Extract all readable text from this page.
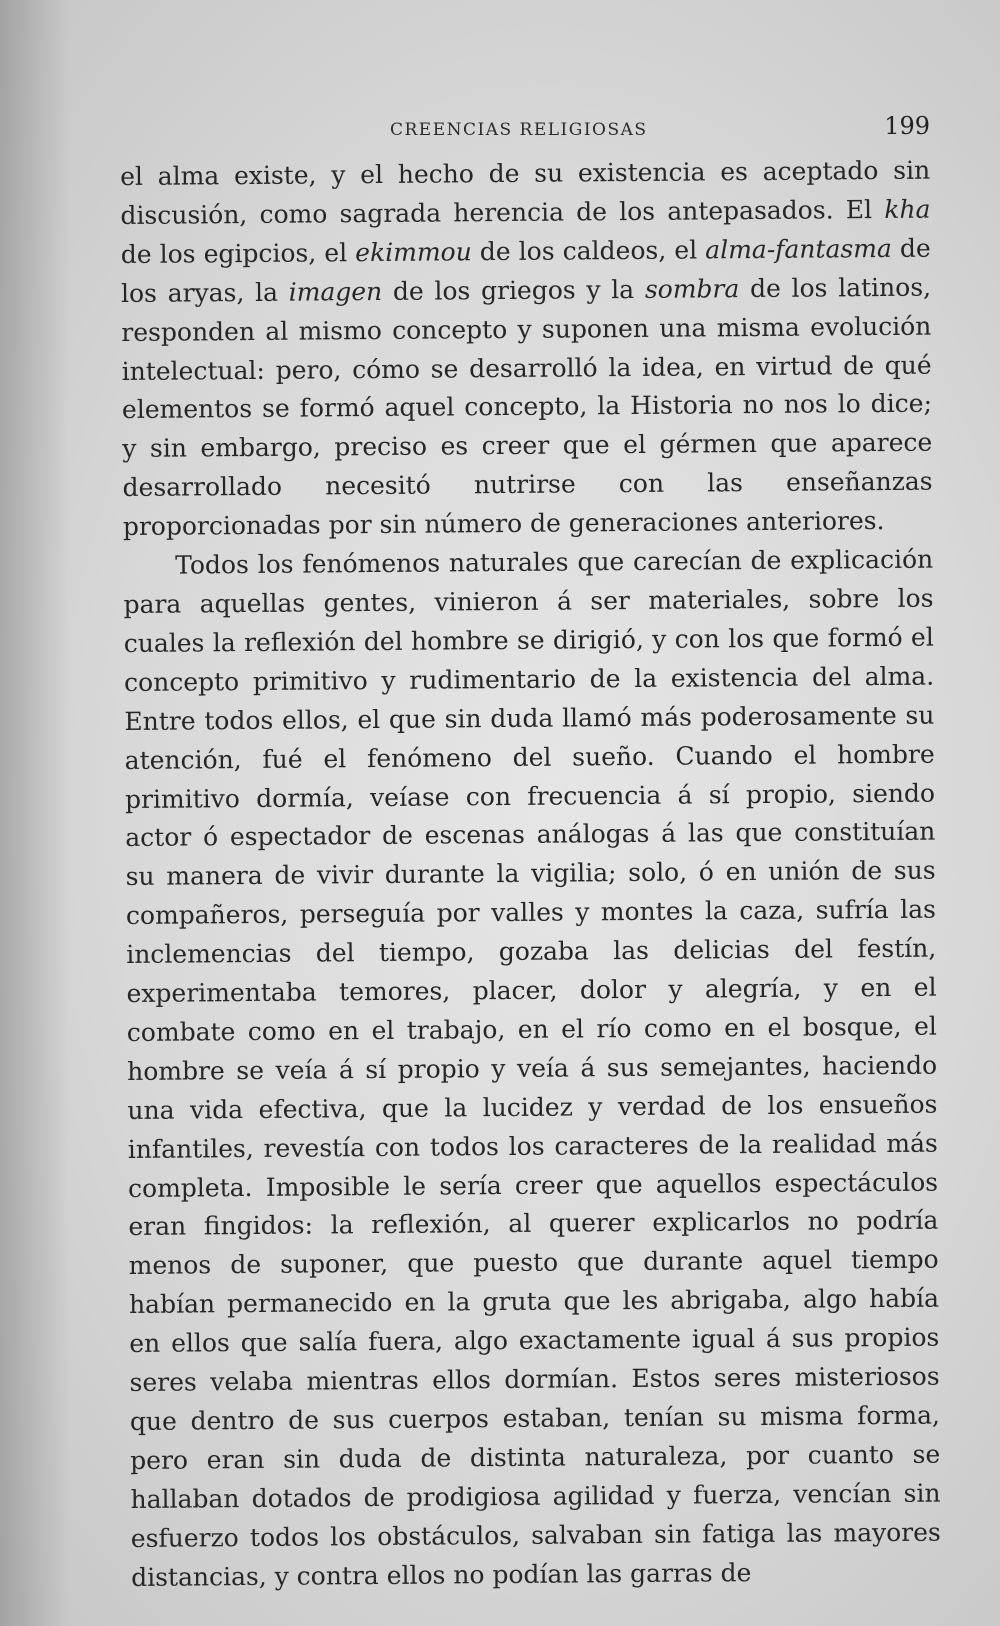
CREENCIAS RELIGIOSAS	199

el alma existe, y el hecho de su existencia es aceptado sin discusión, como sagrada herencia de los antepasados. El kha de los egipcios, el ekimmou de los caldeos, el alma-fantasma de los aryas, la imagen de los griegos y la sombra de los latinos, responden al mismo concepto y suponen una misma evolución intelectual: pero, cómo se desarrolló la idea, en virtud de qué elementos se formó aquel concepto, la Historia no nos lo dice; y sin embargo, preciso es creer que el gérmen que aparece desarrollado necesitó nutrirse con las enseñanzas proporcionadas por sin número de generaciones anteriores.

Todos los fenómenos naturales que carecían de explicación para aquellas gentes, vinieron á ser materiales, sobre los cuales la reflexión del hombre se dirigió, y con los que formó el concepto primitivo y rudimentario de la existencia del alma. Entre todos ellos, el que sin duda llamó más poderosamente su atención, fué el fenómeno del sueño. Cuando el hombre primitivo dormía, veíase con frecuencia á sí propio, siendo actor ó espectador de escenas análogas á las que constituían su manera de vivir durante la vigilia; solo, ó en unión de sus compañeros, perseguía por valles y montes la caza, sufría las inclemencias del tiempo, gozaba las delicias del festín, experimentaba temores, placer, dolor y alegría, y en el combate como en el trabajo, en el río como en el bosque, el hombre se veía á sí propio y veía á sus semejantes, haciendo una vida efectiva, que la lucidez y verdad de los ensueños infantiles, revestía con todos los caracteres de la realidad más completa. Imposible le sería creer que aquellos espectáculos eran fingidos: la reflexión, al querer explicarlos no podría menos de suponer, que puesto que durante aquel tiempo habían permanecido en la gruta que les abrigaba, algo había en ellos que salía fuera, algo exactamente igual á sus propios seres velaba mientras ellos dormían. Estos seres misteriosos que dentro de sus cuerpos estaban, tenían su misma forma, pero eran sin duda de distinta naturaleza, por cuanto se hallaban dotados de prodigiosa agilidad y fuerza, vencían sin esfuerzo todos los obstáculos, salvaban sin fatiga las mayores distancias, y contra ellos no podían las garras de
